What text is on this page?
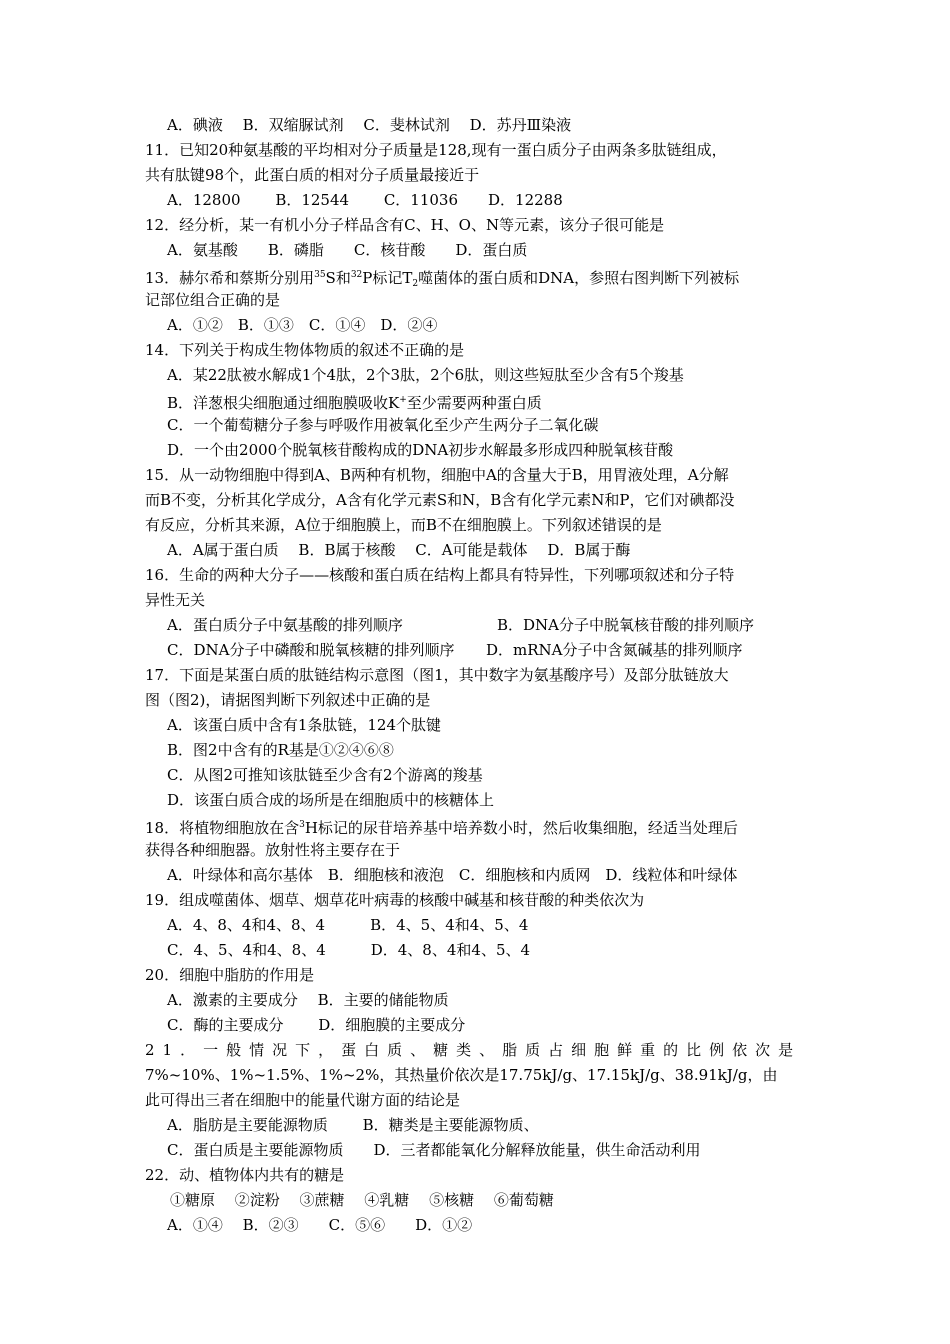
A．碘液　 B．双缩脲试剂　 C．斐林试剂　 D．苏丹Ⅲ染液
11．已知20种氨基酸的平均相对分子质量是128,现有一蛋白质分子由两条多肽链组成，
共有肽键98个，此蛋白质的相对分子质量最接近于
A．12800　　 B．12544　　 C．11036　　D．12288
12．经分析，某一有机小分子样品含有C、H、O、N等元素，该分子很可能是
A．氨基酸　　B．磷脂　　C．核苷酸　　D．蛋白质
13．赫尔希和蔡斯分别用$^{35}$S和$^{32}$P标记$T_2$噬菌体的蛋白质和DNA，参照右图判断下列被标
记部位组合正确的是
A．①②　B．①③　C．①④　D．②④
14．下列关于构成生物体物质的叙述不正确的是
A．某22肽被水解成1个4肽，2个3肽，2个6肽，则这些短肽至少含有5个羧基
B．洋葱根尖细胞通过细胞膜吸收K+至少需要两种蛋白质
C．一个葡萄糖分子参与呼吸作用被氧化至少产生两分子二氧化碳
D．一个由2000个脱氧核苷酸构成的DNA初步水解最多形成四种脱氧核苷酸
15．从一动物细胞中得到A、B两种有机物，细胞中A的含量大于B，用胃液处理，A分解
而B不变，分析其化学成分，A含有化学元素S和N，B含有化学元素N和P，它们对碘都没
有反应，分析其来源，A位于细胞膜上，而B不在细胞膜上。下列叙述错误的是
A．A属于蛋白质　 B．B属于核酸　 C．A可能是载体　 D．B属于酶
16．生命的两种大分子——核酸和蛋白质在结构上都具有特异性，下列哪项叙述和分子特
异性无关
A．蛋白质分子中氨基酸的排列顺序	B．DNA分子中脱氧核苷酸的排列顺序
C．DNA分子中磷酸和脱氧核糖的排列顺序 D．mRNA分子中含氮碱基的排列顺序
17．下面是某蛋白质的肽链结构示意图（图1，其中数字为氨基酸序号）及部分肽链放大
图（图2)，请据图判断下列叙述中正确的是
A．该蛋白质中含有1条肽链，124个肽键
B．图2中含有的R基是①②④⑥⑧
C．从图2可推知该肽链至少含有2个游离的羧基
D．该蛋白质合成的场所是在细胞质中的核糖体上
18．将植物细胞放在含$^3$H标记的尿苷培养基中培养数小时，然后收集细胞，经适当处理后
获得各种细胞器。放射性将主要存在于
A．叶绿体和高尔基体　B．细胞核和液泡　C．细胞核和内质网　D．线粒体和叶绿体
19．组成噬菌体、烟草、烟草花叶病毒的核酸中碱基和核苷酸的种类依次为
A．4、8、4和4、8、4　　　B．4、5、4和4、5、4
C．4、5、4和4、8、4　　　D．4、8、4和4、5、4
20．细胞中脂肪的作用是
A．激素的主要成分　 B．主要的储能物质
C．酶的主要成分　　 D．细胞膜的主要成分
21．一般情况下，蛋白质、糖类、脂质占细胞鲜重的比例依次是
7%~10%、1%~1.5%、1%~2%，其热量价依次是17.75kJ/g、17.15kJ/g、38.91kJ/g，由
此可得出三者在细胞中的能量代谢方面的结论是
A．脂肪是主要能源物质　　 B．糖类是主要能源物质、
C．蛋白质是主要能源物质　　D．三者都能氧化分解释放能量，供生命活动利用
22．动、植物体内共有的糖是
①糖原　 ②淀粉　 ③蔗糖　 ④乳糖　 ⑤核糖　 ⑥葡萄糖
A．①④　 B．②③　　C．⑤⑥　　D．①②
